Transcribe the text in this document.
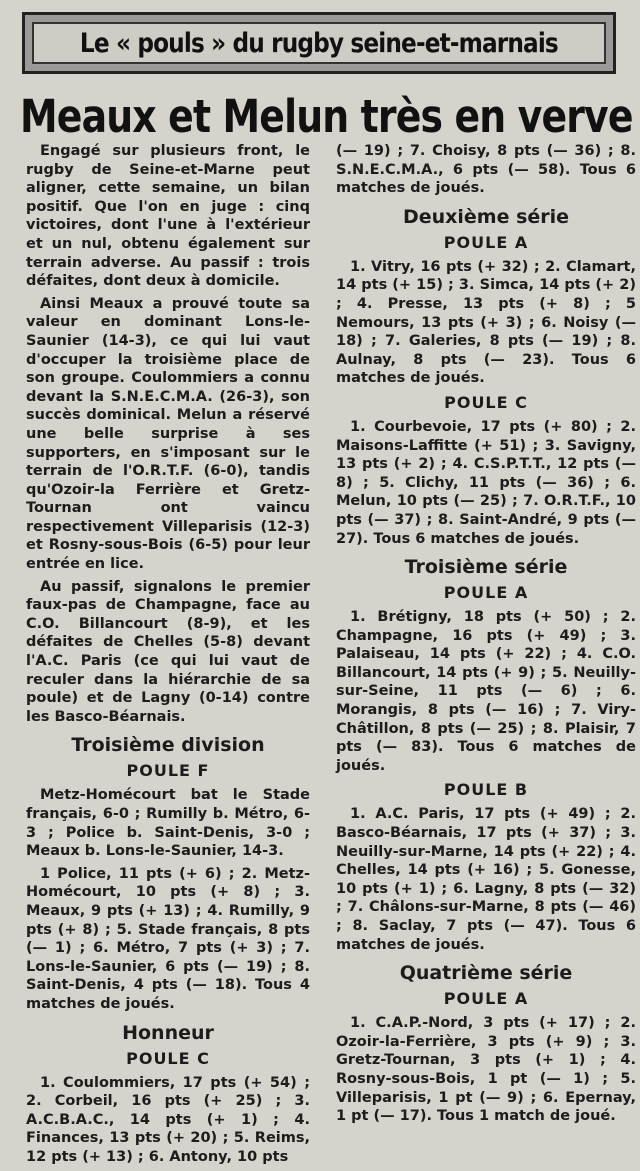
Le « pouls » du rugby seine-et-marnais
Meaux et Melun très en verve

Engagé sur plusieurs front, le rugby de Seine-et-Marne peut aligner, cette semaine, un bilan positif. Que l'on en juge : cinq victoires, dont l'une à l'extérieur et un nul, obtenu également sur terrain adverse. Au passif : trois défaites, dont deux à domicile.

Ainsi Meaux a prouvé toute sa valeur en dominant Lons-le-Saunier (14-3), ce qui lui vaut d'occuper la troisième place de son groupe. Coulommiers a connu devant la S.N.E.C.M.A. (26-3), son succès dominical. Melun a réservé une belle surprise à ses supporters, en s'imposant sur le terrain de l'O.R.T.F. (6-0), tandis qu'Ozoir-la Ferrière et Gretz-Tournan ont vaincu respectivement Villeparisis (12-3) et Rosny-sous-Bois (6-5) pour leur entrée en lice.

Au passif, signalons le premier faux-pas de Champagne, face au C.O. Billancourt (8-9), et les défaites de Chelles (5-8) devant l'A.C. Paris (ce qui lui vaut de reculer dans la hiérarchie de sa poule) et de Lagny (0-14) contre les Basco-Béarnais.

Troisième division
POULE F

Metz-Homécourt bat le Stade français, 6-0 ; Rumilly b. Métro, 6-3 ; Police b. Saint-Denis, 3-0 ; Meaux b. Lons-le-Saunier, 14-3.

1 Police, 11 pts (+ 6) ; 2. Metz-Homécourt, 10 pts (+ 8) ; 3. Meaux, 9 pts (+ 13) ; 4. Rumilly, 9 pts (+ 8) ; 5. Stade français, 8 pts (— 1) ; 6. Métro, 7 pts (+ 3) ; 7. Lons-le-Saunier, 6 pts (— 19) ; 8. Saint-Denis, 4 pts (— 18). Tous 4 matches de joués.

Honneur
POULE C

1. Coulommiers, 17 pts (+ 54) ; 2. Corbeil, 16 pts (+ 25) ; 3. A.C.B.A.C., 14 pts (+ 1) ; 4. Finances, 13 pts (+ 20) ; 5. Reims, 12 pts (+ 13) ; 6. Antony, 10 pts

(— 19) ; 7. Choisy, 8 pts (— 36) ; 8. S.N.E.C.M.A., 6 pts (— 58). Tous 6 matches de joués.

Deuxième série
POULE A

1. Vitry, 16 pts (+ 32) ; 2. Clamart, 14 pts (+ 15) ; 3. Simca, 14 pts (+ 2) ; 4. Presse, 13 pts (+ 8) ; 5 Nemours, 13 pts (+ 3) ; 6. Noisy (— 18) ; 7. Galeries, 8 pts (— 19) ; 8. Aulnay, 8 pts (— 23). Tous 6 matches de joués.

POULE C

1. Courbevoie, 17 pts (+ 80) ; 2. Maisons-Laffitte (+ 51) ; 3. Savigny, 13 pts (+ 2) ; 4. C.S.P.T.T., 12 pts (— 8) ; 5. Clichy, 11 pts (— 36) ; 6. Melun, 10 pts (— 25) ; 7. O.R.T.F., 10 pts (— 37) ; 8. Saint-André, 9 pts (— 27). Tous 6 matches de joués.

Troisième série
POULE A

1. Brétigny, 18 pts (+ 50) ; 2. Champagne, 16 pts (+ 49) ; 3. Palaiseau, 14 pts (+ 22) ; 4. C.O. Billancourt, 14 pts (+ 9) ; 5. Neuilly-sur-Seine, 11 pts (— 6) ; 6. Morangis, 8 pts (— 16) ; 7. Viry-Châtillon, 8 pts (— 25) ; 8. Plaisir, 7 pts (— 83). Tous 6 matches de joués.

POULE B

1. A.C. Paris, 17 pts (+ 49) ; 2. Basco-Béarnais, 17 pts (+ 37) ; 3. Neuilly-sur-Marne, 14 pts (+ 22) ; 4. Chelles, 14 pts (+ 16) ; 5. Gonesse, 10 pts (+ 1) ; 6. Lagny, 8 pts (— 32) ; 7. Châlons-sur-Marne, 8 pts (— 46) ; 8. Saclay, 7 pts (— 47). Tous 6 matches de joués.

Quatrième série
POULE A

1. C.A.P.-Nord, 3 pts (+ 17) ; 2. Ozoir-la-Ferrière, 3 pts (+ 9) ; 3. Gretz-Tournan, 3 pts (+ 1) ; 4. Rosny-sous-Bois, 1 pt (— 1) ; 5. Villeparisis, 1 pt (— 9) ; 6. Epernay, 1 pt (— 17). Tous 1 match de joué.
